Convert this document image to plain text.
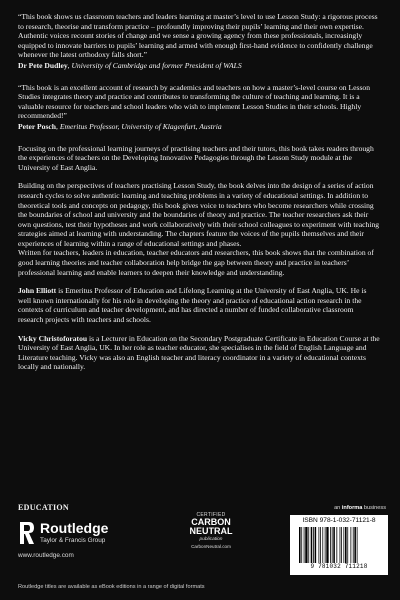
“This book shows us classroom teachers and leaders learning at master’s level to use Lesson Study: a rigorous process to research, theorise and transform practice – profoundly improving their pupils’ learning and their own expertise. Authentic voices recount stories of change and we sense a growing agency from these professionals, increasingly equipped to innovate barriers to pupils’ learning and armed with enough first-hand evidence to confidently challenge whenever the latest orthodoxy falls short.”

Dr Pete Dudley, University of Cambridge and former President of WALS

“This book is an excellent account of research by academics and teachers on how a master’s-level course on Lesson Studies integrates theory and practice and contributes to transforming the culture of teaching and learning. It is a valuable resource for teachers and school leaders who wish to implement Lesson Studies in their schools. Highly recommended!”

Peter Posch, Emeritus Professor, University of Klagenfurt, Austria

Focusing on the professional learning journeys of practising teachers and their tutors, this book takes readers through the experiences of teachers on the Developing Innovative Pedagogies through the Lesson Study module at the University of East Anglia.

Building on the perspectives of teachers practising Lesson Study, the book delves into the design of a series of action research cycles to solve authentic learning and teaching problems in a variety of educational settings. In addition to theoretical tools and concepts on pedagogy, this book gives voice to teachers who become researchers while crossing the boundaries of school and university and the boundaries of theory and practice. The teacher researchers ask their own questions, test their hypotheses and work collaboratively with their school colleagues to experiment with teaching strategies aimed at learning with understanding. The chapters feature the voices of the pupils themselves and their experiences of learning within a range of educational settings and phases.

Written for teachers, leaders in education, teacher educators and researchers, this book shows that the combination of good learning theories and teacher collaboration help bridge the gap between theory and practice in teachers’ professional learning and enable learners to deepen their knowledge and understanding.

John Elliott is Emeritus Professor of Education and Lifelong Learning at the University of East Anglia, UK. He is well known internationally for his role in developing the theory and practice of educational action research in the contexts of curriculum and teacher development, and has directed a number of funded collaborative classroom research projects with teachers and schools.

Vicky Christoforatou is a Lecturer in Education on the Secondary Postgraduate Certificate in Education Course at the University of East Anglia, UK. In her role as teacher educator, she specialises in the field of English Language and Literature teaching. Vicky was also an English teacher and literacy coordinator in a variety of educational contexts locally and nationally.

EDUCATION
Routledge
Taylor & Francis Group
www.routledge.com
CERTIFIED
CARBON
NEUTRAL
publication
CarbonNeutral.com
an informa business
ISBN 978-1-032-71121-8
9 781032 711218
Routledge titles are available as eBook editions in a range of digital formats
